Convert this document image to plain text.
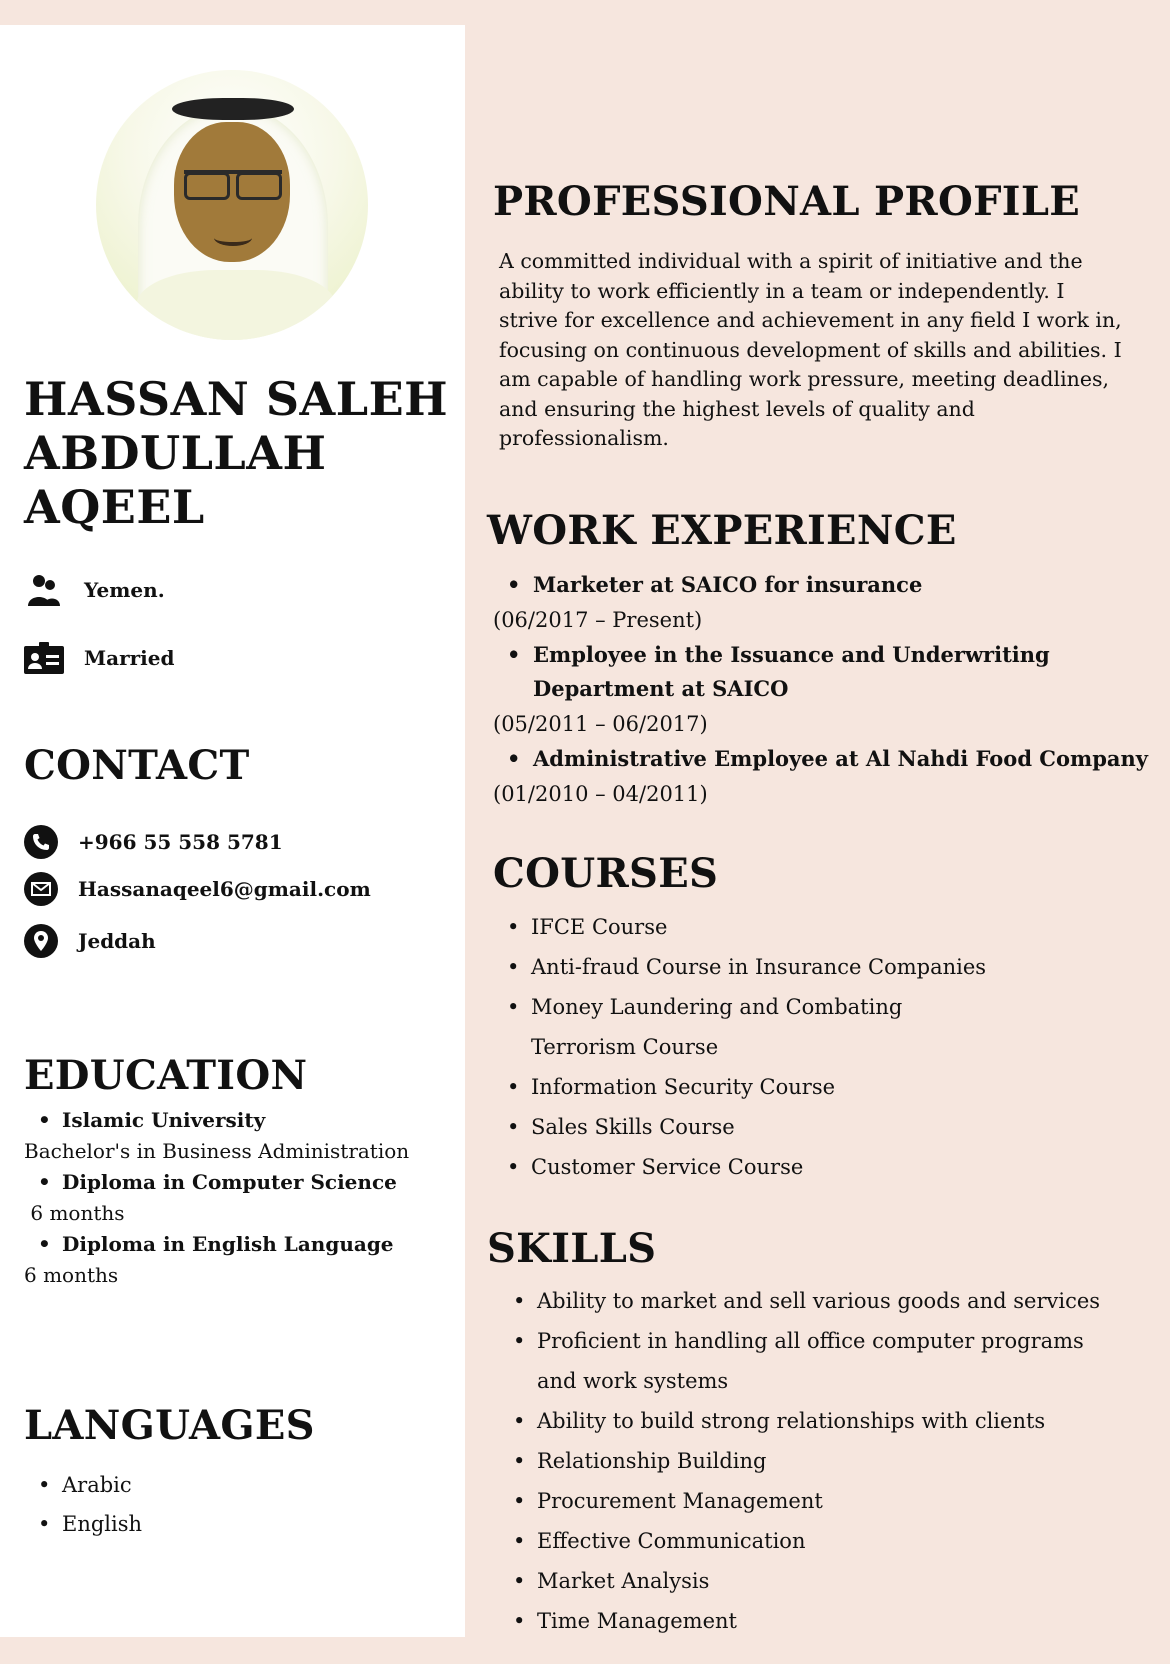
HASSAN SALEH
ABDULLAH
AQEEL
Yemen.
Married
CONTACT
+966 55 558 5781
Hassanaqeel6@gmail.com
Jeddah
EDUCATION
• Islamic University
Bachelor's in Business Administration
• Diploma in Computer Science
6 months
• Diploma in English Language
6 months
LANGUAGES
• Arabic
• English
PROFESSIONAL PROFILE

A committed individual with a spirit of initiative and the ability to work efficiently in a team or independently. I strive for excellence and achievement in any field I work in, focusing on continuous development of skills and abilities. I am capable of handling work pressure, meeting deadlines, and ensuring the highest levels of quality and professionalism.

WORK EXPERIENCE
• Marketer at SAICO for insurance
(06/2017 – Present)
• Employee in the Issuance and Underwriting Department at SAICO
(05/2011 – 06/2017)
• Administrative Employee at Al Nahdi Food Company
(01/2010 – 04/2011)
COURSES
• IFCE Course
• Anti-fraud Course in Insurance Companies
• Money Laundering and Combating Terrorism Course
• Information Security Course
• Sales Skills Course
• Customer Service Course
SKILLS
• Ability to market and sell various goods and services
• Proficient in handling all office computer programs and work systems
• Ability to build strong relationships with clients
• Relationship Building
• Procurement Management
• Effective Communication
• Market Analysis
• Time Management
